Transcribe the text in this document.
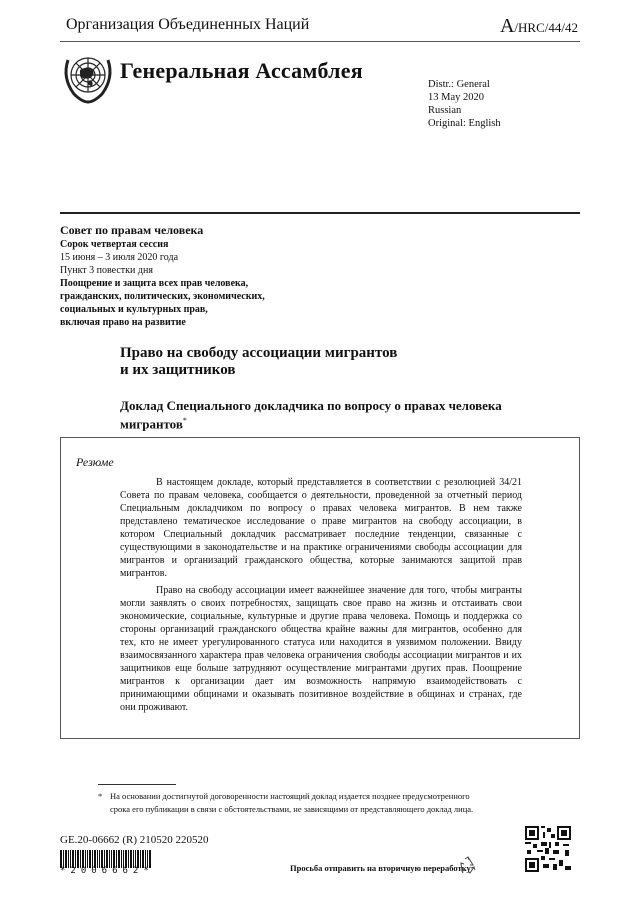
Организация Объединенных Наций	A/HRC/44/42
Генеральная Ассамблея
Distr.: General
13 May 2020
Russian
Original: English
Совет по правам человека
Сорок четвертая сессия
15 июня – 3 июля 2020 года
Пункт 3 повестки дня
Поощрение и защита всех прав человека,
гражданских, политических, экономических,
социальных и культурных прав,
включая право на развитие
Право на свободу ассоциации мигрантов
и их защитников
Доклад Специального докладчика по вопросу о правах человека мигрантов*
Резюме
В настоящем докладе, который представляется в соответствии с резолюцией 34/21 Совета по правам человека, сообщается о деятельности, проведенной за отчетный период Специальным докладчиком по вопросу о правах человека мигрантов. В нем также представлено тематическое исследование о праве мигрантов на свободу ассоциации, в котором Специальный докладчик рассматривает последние тенденции, связанные с существующими в законодательстве и на практике ограничениями свободы ассоциации для мигрантов и организаций гражданского общества, которые занимаются защитой прав мигрантов.
Право на свободу ассоциации имеет важнейшее значение для того, чтобы мигранты могли заявлять о своих потребностях, защищать свое право на жизнь и отстаивать свои экономические, социальные, культурные и другие права человека. Помощь и поддержка со стороны организаций гражданского общества крайне важны для мигрантов, особенно для тех, кто не имеет урегулированного статуса или находится в уязвимом положении. Ввиду взаимосвязанного характера прав человека ограничения свободы ассоциации мигрантов и их защитников еще больше затрудняют осуществление мигрантами других прав. Поощрение мигрантов к организации дает им возможность напрямую взаимодействовать с принимающими общинами и оказывать позитивное воздействие в общинах и странах, где они проживают.
* На основании достигнутой договоренности настоящий доклад издается позднее предусмотренного срока его публикации в связи с обстоятельствами, не зависящими от представляющего доклад лица.
GE.20-06662 (R) 210520 220520
*2006662*	Просьба отправить на вторичную переработку
